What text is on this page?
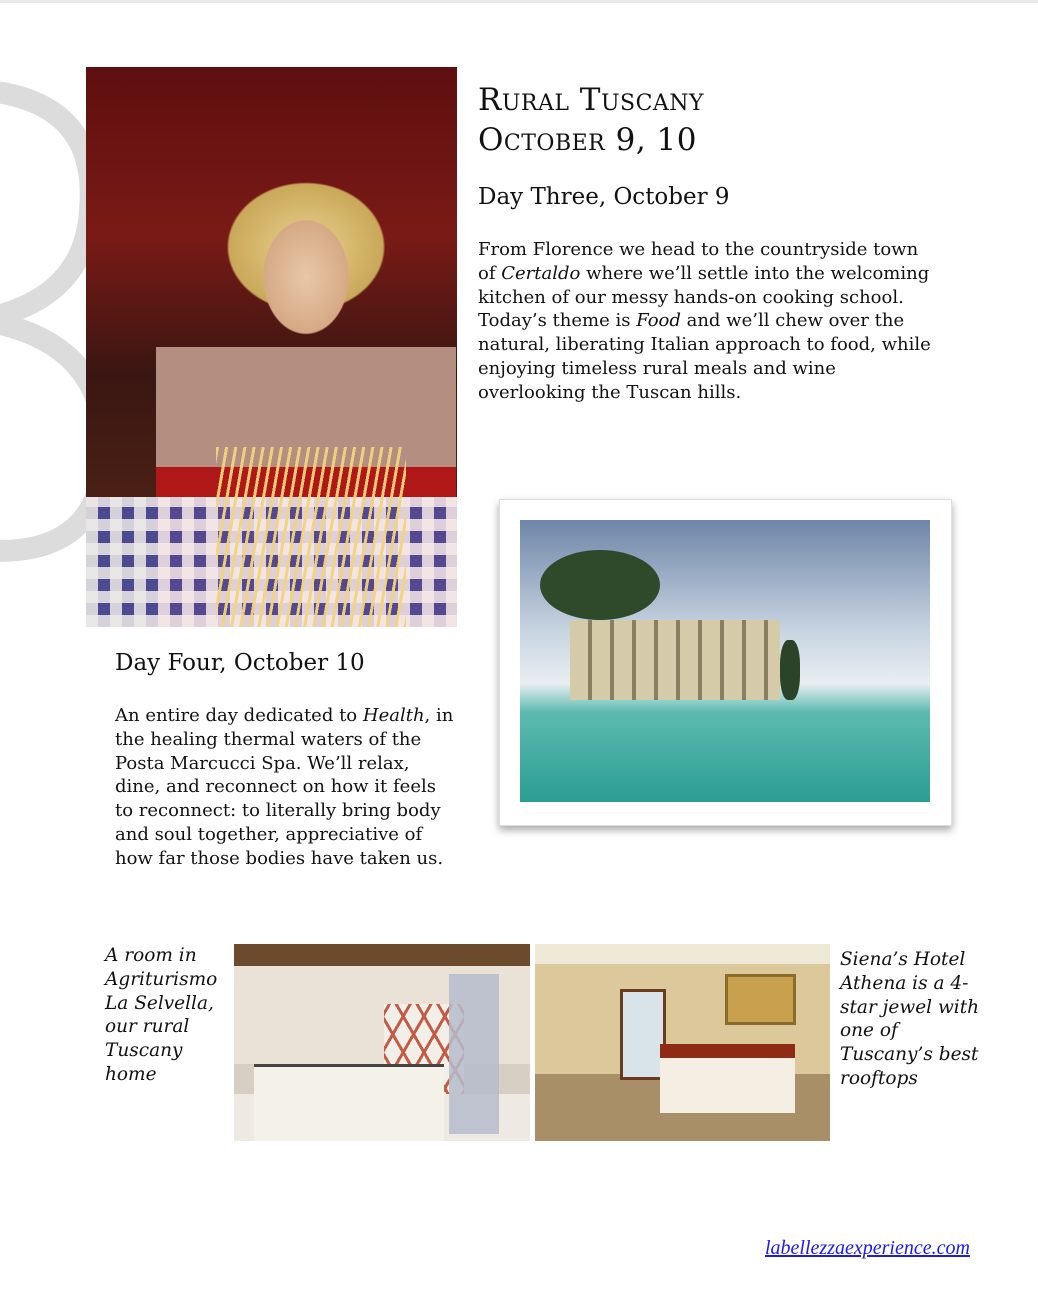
Rural Tuscany
October 9, 10
Day Three, October 9
From Florence we head to the countryside town of Certaldo where we’ll settle into the welcoming kitchen of our messy hands-on cooking school. Today’s theme is Food and we’ll chew over the natural, liberating Italian approach to food, while enjoying timeless rural meals and wine overlooking the Tuscan hills.
Day Four, October 10
An entire day dedicated to Health, in the healing thermal waters of the Posta Marcucci Spa. We’ll relax, dine, and reconnect on how it feels to reconnect: to literally bring body and soul together, appreciative of how far those bodies have taken us.
A room in Agriturismo La Selvella, our rural Tuscany home
Siena’s Hotel Athena is a 4-star jewel with one of Tuscany’s best rooftops
labellezzaexperience.com
